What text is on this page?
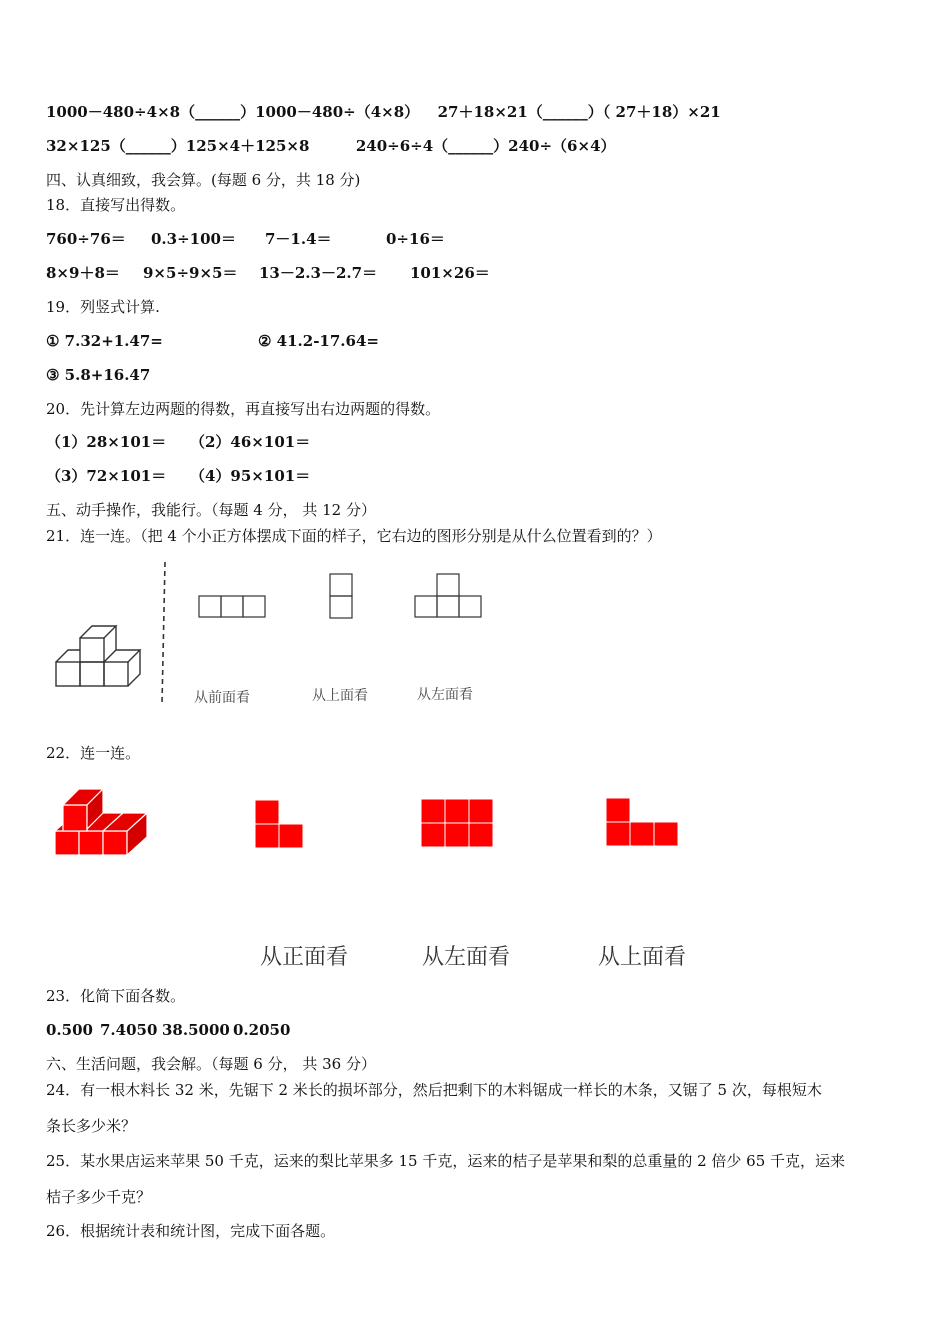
1000－480÷4×8（______）1000－480÷（4×8） 27＋18×21（______）（ 27＋18）×21
32×125（______）125×4＋125×8	240÷6÷4（______）240÷（6×4）
四、认真细致，我会算。(每题 6 分，共 18 分)
18．直接写出得数。
760÷76＝ 0.3÷100＝ 7－1.4＝	0÷16＝
8×9＋8＝ 9×5÷9×5＝ 13－2.3－2.7＝ 101×26＝
19．列竖式计算.
① 7.32+1.47=	② 41.2-17.64=
③ 5.8+16.47
20．先计算左边两题的得数，再直接写出右边两题的得数。
（1）28×101＝ （2）46×101＝
（3）72×101＝ （4）95×101＝
五、动手操作，我能行。（每题 4 分， 共 12 分）
21．连一连。（把 4 个小正方体摆成下面的样子，它右边的图形分别是从什么位置看到的？）
从前面看	从上面看	从左面看
22．连一连。
从正面看	从左面看	从上面看
23．化简下面各数。
0.500 7.4050 38.5000 0.2050
六、生活问题，我会解。（每题 6 分， 共 36 分）
24．有一根木料长 32 米，先锯下 2 米长的损坏部分，然后把剩下的木料锯成一样长的木条，又锯了 5 次，每根短木
条长多少米？
25．某水果店运来苹果 50 千克，运来的梨比苹果多 15 千克，运来的桔子是苹果和梨的总重量的 2 倍少 65 千克，运来
桔子多少千克？
26．根据统计表和统计图，完成下面各题。
